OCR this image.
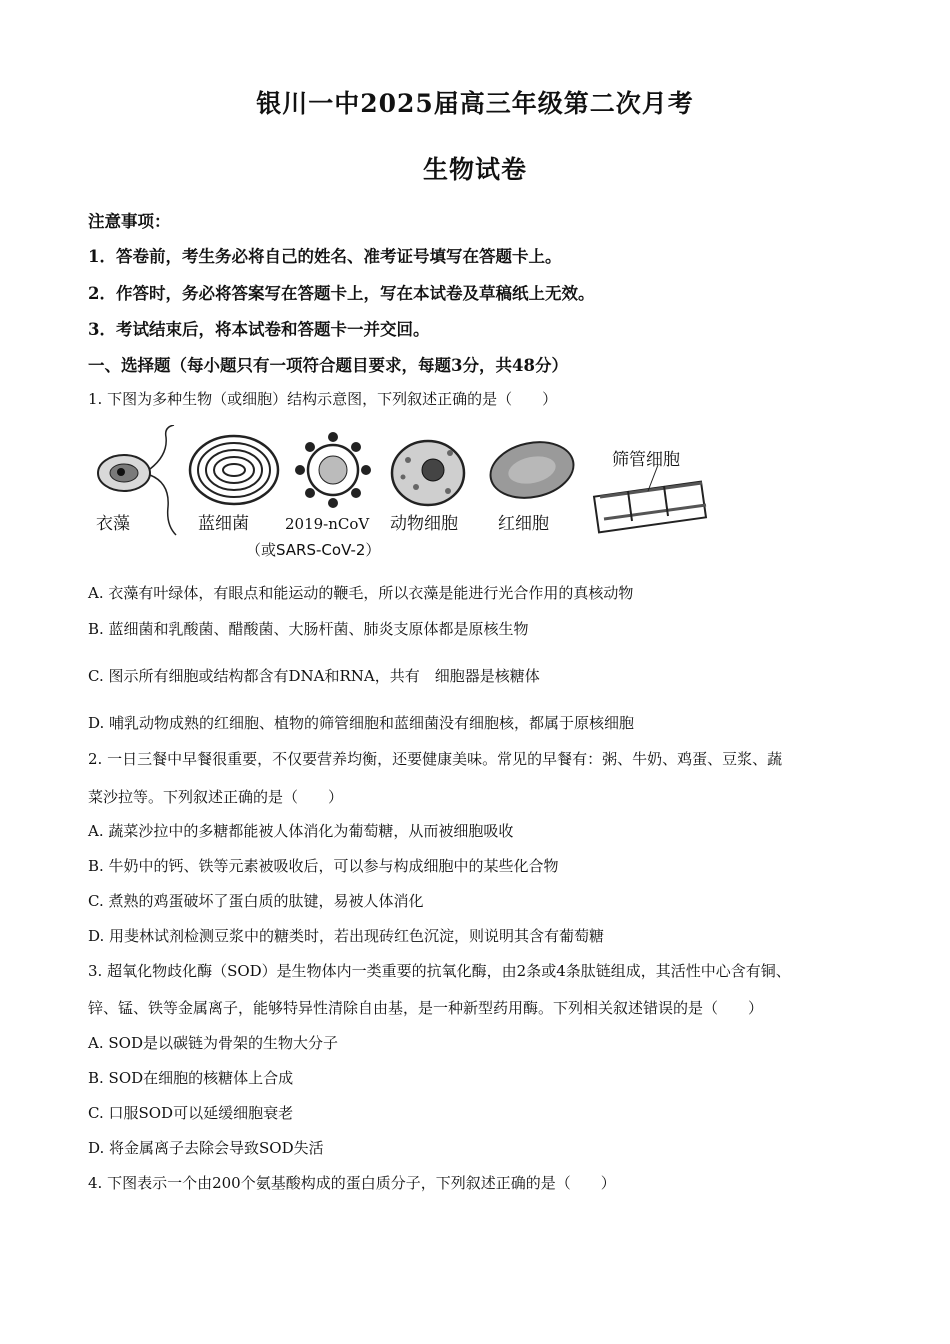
银川一中2025届高三年级第二次月考
生物试卷
注意事项：
1．答卷前，考生务必将自己的姓名、准考证号填写在答题卡上。
2．作答时，务必将答案写在答题卡上，写在本试卷及草稿纸上无效。
3．考试结束后，将本试卷和答题卡一并交回。
一、选择题（每小题只有一项符合题目要求，每题3分，共48分）
1. 下图为多种生物（或细胞）结构示意图，下列叙述正确的是（　　）
衣藻	蓝细菌 2019-nCoV
（或SARS-CoV-2）
动物细胞 红细胞
筛管细胞
A. 衣藻有叶绿体，有眼点和能运动的鞭毛，所以衣藻是能进行光合作用的真核动物
B. 蓝细菌和乳酸菌、醋酸菌、大肠杆菌、肺炎支原体都是原核生物
C. 图示所有细胞或结构都含有DNA和RNA，共有　细胞器是核糖体
D. 哺乳动物成熟的红细胞、植物的筛管细胞和蓝细菌没有细胞核，都属于原核细胞
2. 一日三餐中早餐很重要，不仅要营养均衡，还要健康美味。常见的早餐有：粥、牛奶、鸡蛋、豆浆、蔬
菜沙拉等。下列叙述正确的是（　　）
A. 蔬菜沙拉中的多糖都能被人体消化为葡萄糖，从而被细胞吸收
B. 牛奶中的钙、铁等元素被吸收后，可以参与构成细胞中的某些化合物
C. 煮熟的鸡蛋破坏了蛋白质的肽键，易被人体消化
D. 用斐林试剂检测豆浆中的糖类时，若出现砖红色沉淀，则说明其含有葡萄糖
3. 超氧化物歧化酶（SOD）是生物体内一类重要的抗氧化酶，由2条或4条肽链组成，其活性中心含有铜、
锌、锰、铁等金属离子，能够特异性清除自由基，是一种新型药用酶。下列相关叙述错误的是（　　）
A. SOD是以碳链为骨架的生物大分子
B. SOD在细胞的核糖体上合成
C. 口服SOD可以延缓细胞衰老
D. 将金属离子去除会导致SOD失活
4. 下图表示一个由200个氨基酸构成的蛋白质分子，下列叙述正确的是（　　）
